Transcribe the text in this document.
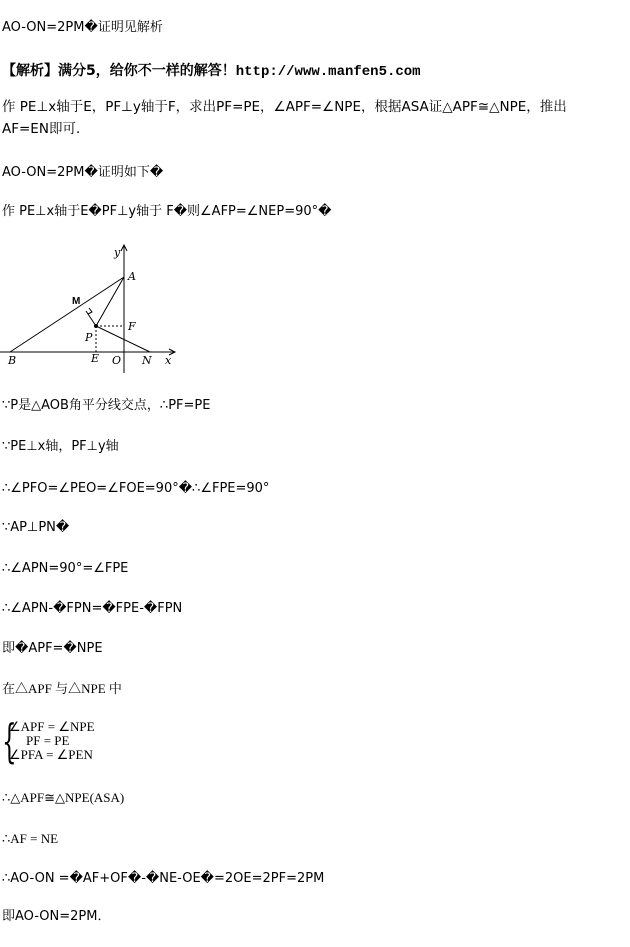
AO-ON=2PM�证明见解析
【解析】满分5，给你不一样的解答！http://www.manfen5.com
作 PE⊥x轴于E，PF⊥y轴于F，求出PF=PE，∠APF=∠NPE，根据ASA证△APF≅△NPE，推出
AF=EN即可．
AO-ON=2PM�证明如下�
作 PE⊥x轴于E�PF⊥y轴于 F�则∠AFP=∠NEP=90°�
y
A
F
P
B	E O N x
M
∵P是△AOB角平分线交点，∴PF=PE
∵PE⊥x轴，PF⊥y轴
∴∠PFO=∠PEO=∠FOE=90°�∴∠FPE=90°
∵AP⊥PN�
∴∠APN=90°=∠FPE
∴∠APN-�FPN=�FPE-�FPN
即�APF=�NPE
在△APF 与△NPE 中
{
∠APF = ∠NPE
PF = PE
∠PFA = ∠PEN
∴△APF≅△NPE(ASA)
∴AF = NE
∴AO-ON =�AF+OF�-�NE-OE�=2OE=2PF=2PM
即AO-ON=2PM．
